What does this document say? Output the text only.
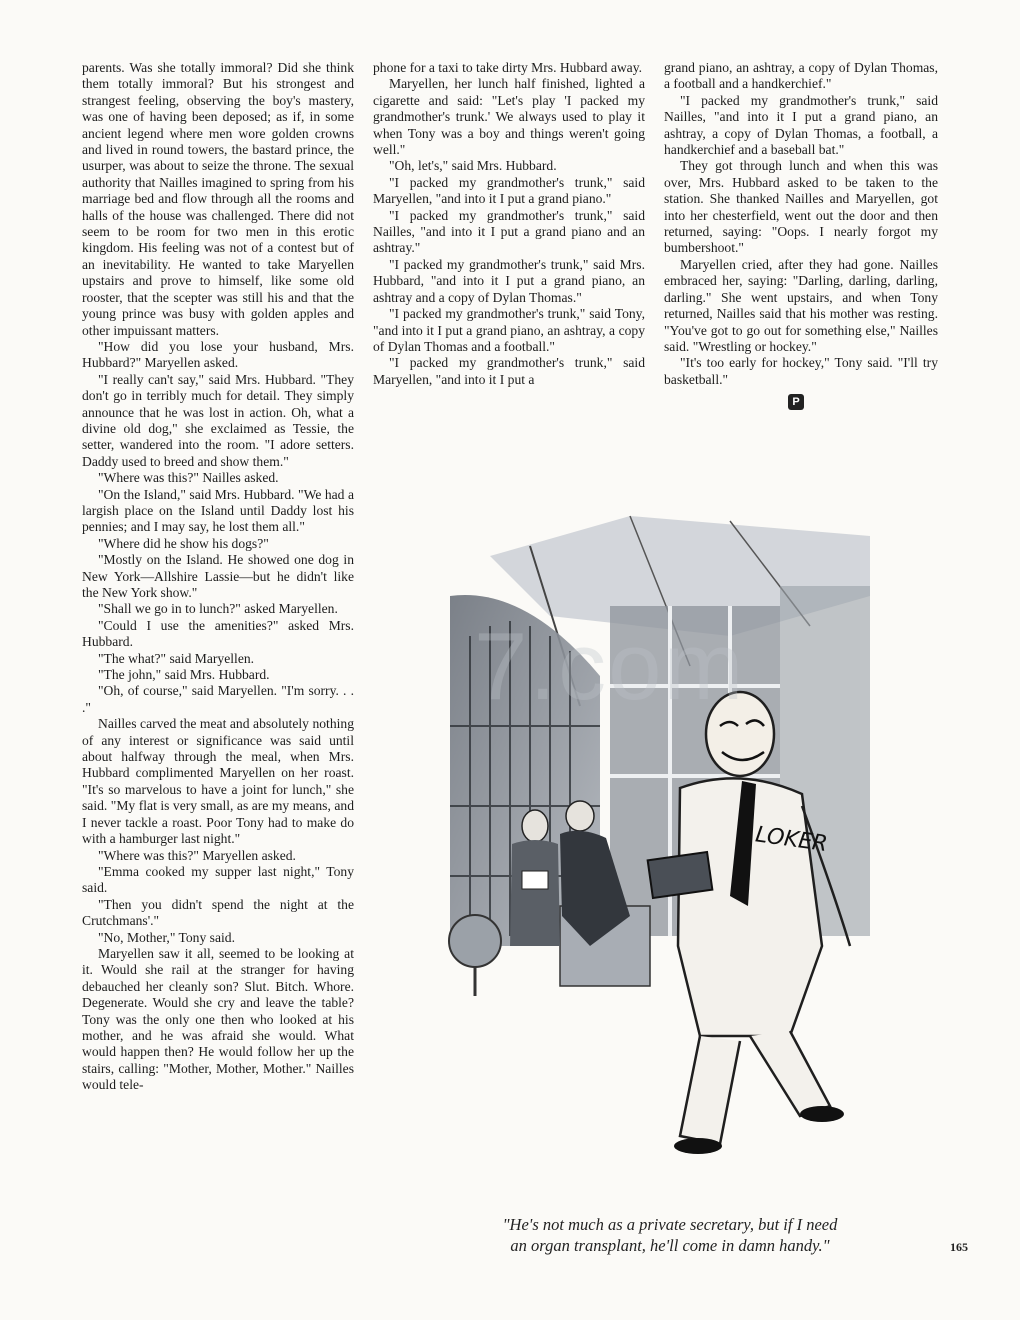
parents. Was she totally immoral? Did she think them totally immoral? But his strongest and strangest feeling, observing the boy's mastery, was one of having been deposed; as if, in some ancient legend where men wore golden crowns and lived in round towers, the bastard prince, the usurper, was about to seize the throne. The sexual authority that Nailles imagined to spring from his marriage bed and flow through all the rooms and halls of the house was challenged. There did not seem to be room for two men in this erotic kingdom. His feeling was not of a contest but of an inevitability. He wanted to take Maryellen upstairs and prove to himself, like some old rooster, that the scepter was still his and that the young prince was busy with golden apples and other impuissant matters.

"How did you lose your husband, Mrs. Hubbard?" Maryellen asked.

"I really can't say," said Mrs. Hubbard. "They don't go in terribly much for detail. They simply announce that he was lost in action. Oh, what a divine old dog," she exclaimed as Tessie, the setter, wandered into the room. "I adore setters. Daddy used to breed and show them."

"Where was this?" Nailles asked.

"On the Island," said Mrs. Hubbard. "We had a largish place on the Island until Daddy lost his pennies; and I may say, he lost them all."

"Where did he show his dogs?"

"Mostly on the Island. He showed one dog in New York—Allshire Lassie—but he didn't like the New York show."

"Shall we go in to lunch?" asked Maryellen.

"Could I use the amenities?" asked Mrs. Hubbard.

"The what?" said Maryellen.

"The john," said Mrs. Hubbard.

"Oh, of course," said Maryellen. "I'm sorry. . . ."

Nailles carved the meat and absolutely nothing of any interest or significance was said until about halfway through the meal, when Mrs. Hubbard complimented Maryellen on her roast. "It's so marvelous to have a joint for lunch," she said. "My flat is very small, as are my means, and I never tackle a roast. Poor Tony had to make do with a hamburger last night."

"Where was this?" Maryellen asked.

"Emma cooked my supper last night," Tony said.

"Then you didn't spend the night at the Crutchmans'."

"No, Mother," Tony said.

Maryellen saw it all, seemed to be looking at it. Would she rail at the stranger for having debauched her cleanly son? Slut. Bitch. Whore. Degenerate. Would she cry and leave the table? Tony was the only one then who looked at his mother, and he was afraid she would. What would happen then? He would follow her up the stairs, calling: "Mother, Mother, Mother." Nailles would tele-

phone for a taxi to take dirty Mrs. Hubbard away.

Maryellen, her lunch half finished, lighted a cigarette and said: "Let's play 'I packed my grandmother's trunk.' We always used to play it when Tony was a boy and things weren't going well."

"Oh, let's," said Mrs. Hubbard.

"I packed my grandmother's trunk," said Maryellen, "and into it I put a grand piano."

"I packed my grandmother's trunk," said Nailles, "and into it I put a grand piano and an ashtray."

"I packed my grandmother's trunk," said Mrs. Hubbard, "and into it I put a grand piano, an ashtray and a copy of Dylan Thomas."

"I packed my grandmother's trunk," said Tony, "and into it I put a grand piano, an ashtray, a copy of Dylan Thomas and a football."

"I packed my grandmother's trunk," said Maryellen, "and into it I put a

grand piano, an ashtray, a copy of Dylan Thomas, a football and a handkerchief."

"I packed my grandmother's trunk," said Nailles, "and into it I put a grand piano, an ashtray, a copy of Dylan Thomas, a football, a handkerchief and a baseball bat."

They got through lunch and when this was over, Mrs. Hubbard asked to be taken to the station. She thanked Nailles and Maryellen, got into her chesterfield, went out the door and then returned, saying: "Oops. I nearly forgot my bumbershoot."

Maryellen cried, after they had gone. Nailles embraced her, saying: "Darling, darling, darling, darling." She went upstairs, and when Tony returned, Nailles said that his mother was resting. "You've got to go out for something else," Nailles said. "Wrestling or hockey."

"It's too early for hockey," Tony said. "I'll try basketball."

P
LOKER
7.com
"He's not much as a private secretary, but if I need
an organ transplant, he'll come in damn handy."	165
